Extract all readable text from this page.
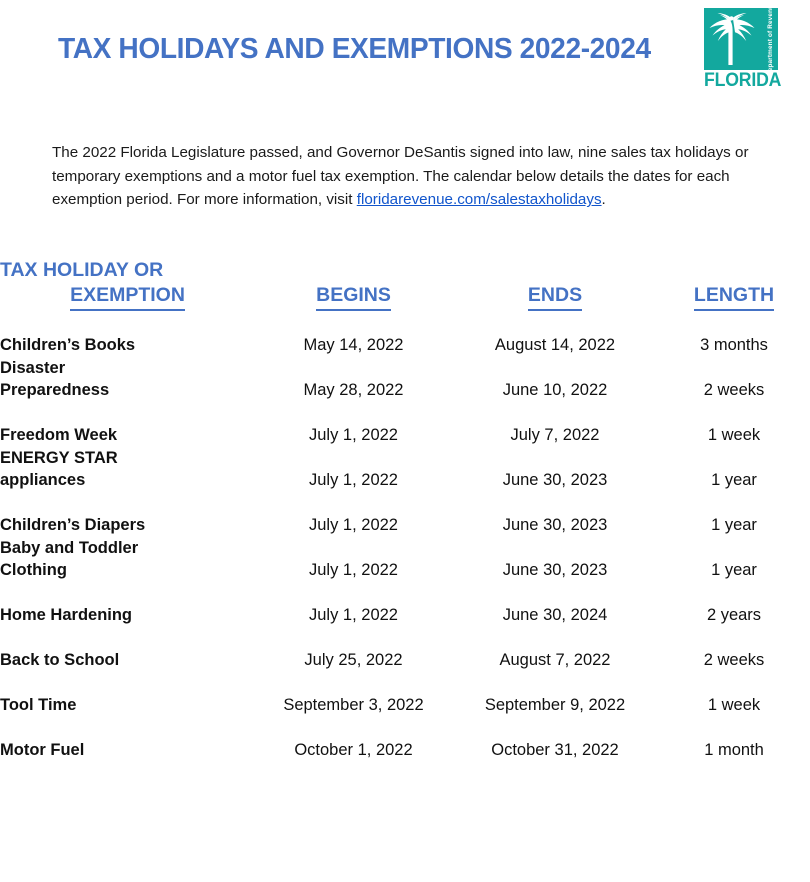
TAX HOLIDAYS AND EXEMPTIONS 2022-2024	Department of Revenue
FLORIDA

The 2022 Florida Legislature passed, and Governor DeSantis signed into law, nine sales tax holidays or temporary exemptions and a motor fuel tax exemption. The calendar below details the dates for each exemption period. For more information, visit floridarevenue.com/salestaxholidays.

TAX HOLIDAY OR
EXEMPTION	BEGINS	ENDS	LENGTH

Children’s Books	May 14, 2022	August 14, 2022	3 months

Disaster
Preparedness	May 28, 2022	June 10, 2022	2 weeks

Freedom Week	July 1, 2022	July 7, 2022	1 week

ENERGY STAR
appliances	July 1, 2022	June 30, 2023	1 year

Children’s Diapers	July 1, 2022	June 30, 2023	1 year

Baby and Toddler
Clothing	July 1, 2022	June 30, 2023	1 year

Home Hardening	July 1, 2022	June 30, 2024	2 years

Back to School	July 25, 2022	August 7, 2022	2 weeks

Tool Time	September 3, 2022	September 9, 2022	1 week

Motor Fuel	October 1, 2022	October 31, 2022	1 month
